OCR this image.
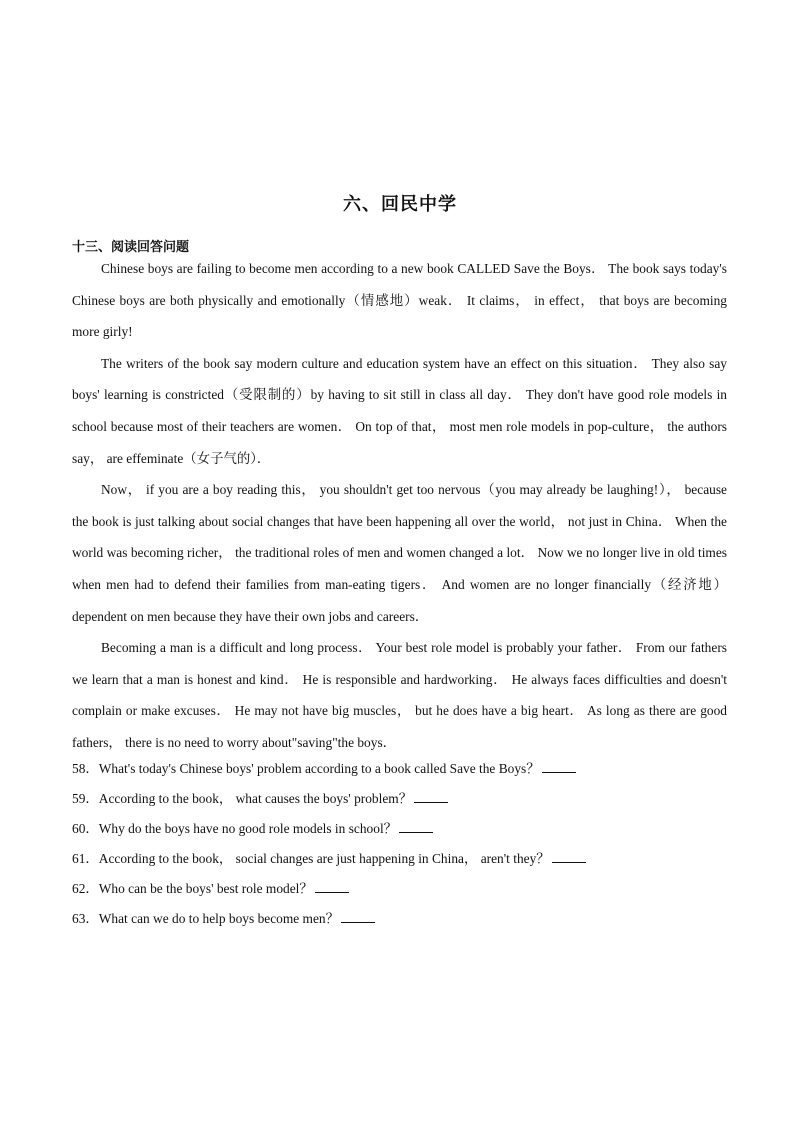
六、回民中学
十三、阅读回答问题

Chinese boys are failing to become men according to a new book CALLED Save the Boys． The book says today's Chinese boys are both physically and emotionally（情感地）weak． It claims， in effect， that boys are becoming more girly!

The writers of the book say modern culture and education system have an effect on this situation． They also say boys' learning is constricted（受限制的）by having to sit still in class all day． They don't have good role models in school because most of their teachers are women． On top of that， most men role models in pop‑culture， the authors say， are effeminate（女子气的）．

Now， if you are a boy reading this， you shouldn't get too nervous（you may already be laughing!）， because the book is just talking about social changes that have been happening all over the world， not just in China． When the world was becoming richer， the traditional roles of men and women changed a lot． Now we no longer live in old times when men had to defend their families from man‑eating tigers． And women are no longer financially（经济地）dependent on men because they have their own jobs and careers．

Becoming a man is a difficult and long process． Your best role model is probably your father． From our fathers we learn that a man is honest and kind． He is responsible and hardworking． He always faces difficulties and doesn't complain or make excuses． He may not have big muscles， but he does have a big heart． As long as there are good fathers， there is no need to worry about"saving"the boys．

58．What's today's Chinese boys' problem according to a book called Save the Boys？
59．According to the book， what causes the boys' problem？
60．Why do the boys have no good role models in school？
61．According to the book， social changes are just happening in China， aren't they？
62．Who can be the boys' best role model？
63．What can we do to help boys become men？
